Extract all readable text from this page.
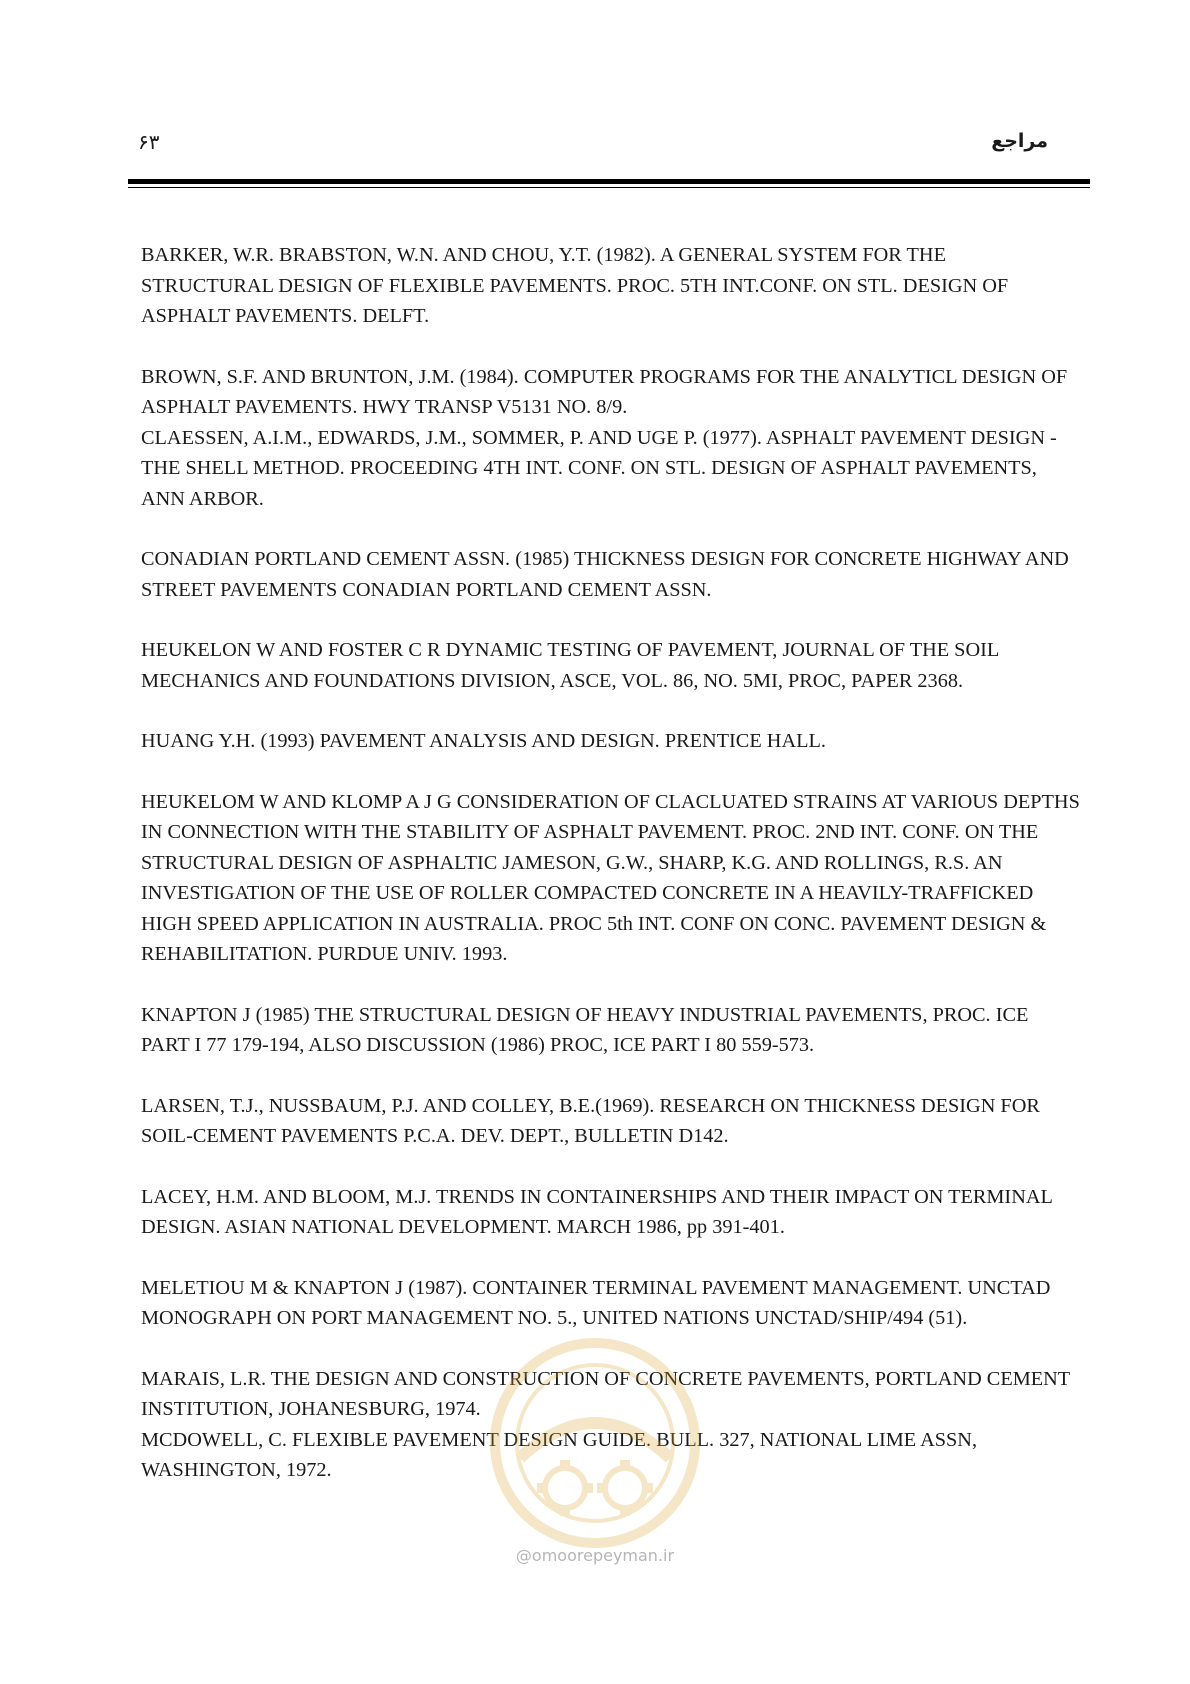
۶۳	مراجع

BARKER, W.R. BRABSTON, W.N. AND CHOU, Y.T. (1982). A GENERAL SYSTEM FOR THE STRUCTURAL DESIGN OF FLEXIBLE PAVEMENTS. PROC. 5TH INT.CONF. ON STL. DESIGN OF ASPHALT PAVEMENTS. DELFT.

BROWN, S.F. AND BRUNTON, J.M. (1984). COMPUTER PROGRAMS FOR THE ANALYTICL DESIGN OF ASPHALT PAVEMENTS. HWY TRANSP V5131 NO. 8/9.

CLAESSEN, A.I.M., EDWARDS, J.M., SOMMER, P. AND UGE P. (1977). ASPHALT PAVEMENT DESIGN - THE SHELL METHOD. PROCEEDING 4TH INT. CONF. ON STL. DESIGN OF ASPHALT PAVEMENTS, ANN ARBOR.

CONADIAN PORTLAND CEMENT ASSN. (1985) THICKNESS DESIGN FOR CONCRETE HIGHWAY AND STREET PAVEMENTS CONADIAN PORTLAND CEMENT ASSN.

HEUKELON W AND FOSTER C R DYNAMIC TESTING OF PAVEMENT, JOURNAL OF THE SOIL MECHANICS AND FOUNDATIONS DIVISION, ASCE, VOL. 86, NO. 5MI, PROC, PAPER 2368.

HUANG Y.H. (1993) PAVEMENT ANALYSIS AND DESIGN. PRENTICE HALL.

HEUKELOM W AND KLOMP A J G CONSIDERATION OF CLACLUATED STRAINS AT VARIOUS DEPTHS IN CONNECTION WITH THE STABILITY OF ASPHALT PAVEMENT. PROC. 2ND INT. CONF. ON THE STRUCTURAL DESIGN OF ASPHALTIC JAMESON, G.W., SHARP, K.G. AND ROLLINGS, R.S. AN INVESTIGATION OF THE USE OF ROLLER COMPACTED CONCRETE IN A HEAVILY-TRAFFICKED HIGH SPEED APPLICATION IN AUSTRALIA. PROC 5th INT. CONF ON CONC. PAVEMENT DESIGN & REHABILITATION. PURDUE UNIV. 1993.

KNAPTON J (1985) THE STRUCTURAL DESIGN OF HEAVY INDUSTRIAL PAVEMENTS, PROC. ICE PART I 77 179-194, ALSO DISCUSSION (1986) PROC, ICE PART I 80 559-573.

LARSEN, T.J., NUSSBAUM, P.J. AND COLLEY, B.E.(1969). RESEARCH ON THICKNESS DESIGN FOR SOIL-CEMENT PAVEMENTS P.C.A. DEV. DEPT., BULLETIN D142.

LACEY, H.M. AND BLOOM, M.J. TRENDS IN CONTAINERSHIPS AND THEIR IMPACT ON TERMINAL DESIGN. ASIAN NATIONAL DEVELOPMENT. MARCH 1986, pp 391-401.

MELETIOU M & KNAPTON J (1987). CONTAINER TERMINAL PAVEMENT MANAGEMENT. UNCTAD MONOGRAPH ON PORT MANAGEMENT NO. 5., UNITED NATIONS UNCTAD/SHIP/494 (51).

MARAIS, L.R. THE DESIGN AND CONSTRUCTION OF CONCRETE PAVEMENTS, PORTLAND CEMENT INSTITUTION, JOHANESBURG, 1974.

MCDOWELL, C. FLEXIBLE PAVEMENT DESIGN GUIDE. BULL. 327, NATIONAL LIME ASSN, WASHINGTON, 1972.

@omoorepeyman.ir
